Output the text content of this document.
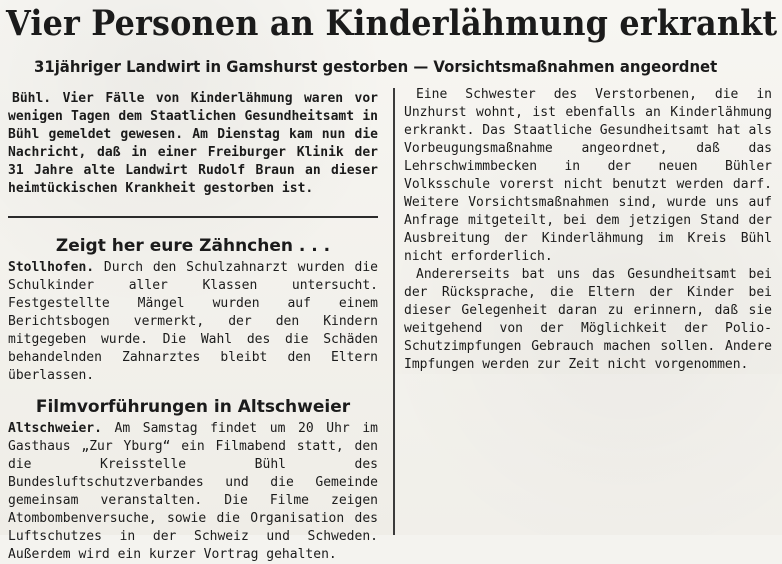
Vier Personen an Kinderlähmung erkrankt
31jähriger Landwirt in Gamshurst gestorben — Vorsichtsmaßnahmen angeordnet

Bühl. Vier Fälle von Kinderlähmung waren vor wenigen Tagen dem Staatlichen Gesundheitsamt in Bühl gemeldet gewesen. Am Dienstag kam nun die Nachricht, daß in einer Freiburger Klinik der 31 Jahre alte Landwirt Rudolf Braun an dieser heimtückischen Krankheit gestorben ist.

Zeigt her eure Zähnchen . . .

Stollhofen. Durch den Schulzahnarzt wurden die Schulkinder aller Klassen untersucht. Festgestellte Mängel wurden auf einem Berichtsbogen vermerkt, der den Kindern mitgegeben wurde. Die Wahl des die Schäden behandelnden Zahnarztes bleibt den Eltern überlassen.

Filmvorführungen in Altschweier

Altschweier. Am Samstag findet um 20 Uhr im Gasthaus „Zur Yburg“ ein Filmabend statt, den die Kreisstelle Bühl des Bundesluftschutzverbandes und die Gemeinde gemeinsam veranstalten. Die Filme zeigen Atombombenversuche, sowie die Organisation des Luftschutzes in der Schweiz und Schweden. Außerdem wird ein kurzer Vortrag gehalten.

Eine Schwester des Verstorbenen, die in Unzhurst wohnt, ist ebenfalls an Kinderlähmung erkrankt. Das Staatliche Gesundheitsamt hat als Vorbeugungsmaßnahme angeordnet, daß das Lehrschwimmbecken in der neuen Bühler Volksschule vorerst nicht benutzt werden darf. Weitere Vorsichtsmaßnahmen sind, wurde uns auf Anfrage mitgeteilt, bei dem jetzigen Stand der Ausbreitung der Kinderlähmung im Kreis Bühl nicht erforderlich.

Andererseits bat uns das Gesundheitsamt bei der Rücksprache, die Eltern der Kinder bei dieser Gelegenheit daran zu erinnern, daß sie weitgehend von der Möglichkeit der Polio-Schutzimpfungen Gebrauch machen sollen. Andere Impfungen werden zur Zeit nicht vorgenommen.
